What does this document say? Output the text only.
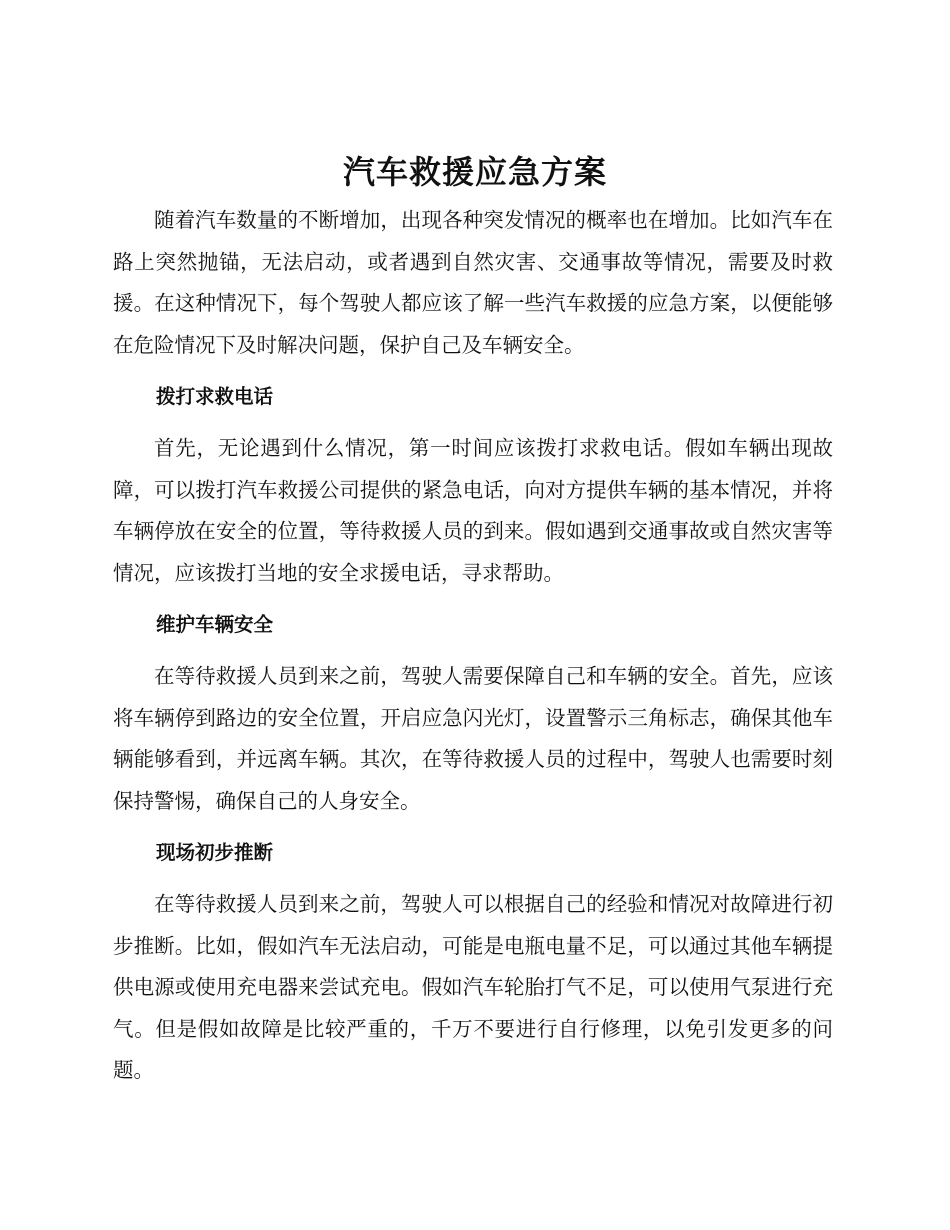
汽车救援应急方案

随着汽车数量的不断增加，出现各种突发情况的概率也在增加。比如汽车在路上突然抛锚，无法启动，或者遇到自然灾害、交通事故等情况，需要及时救援。在这种情况下，每个驾驶人都应该了解一些汽车救援的应急方案，以便能够在危险情况下及时解决问题，保护自己及车辆安全。

拨打求救电话

首先，无论遇到什么情况，第一时间应该拨打求救电话。假如车辆出现故障，可以拨打汽车救援公司提供的紧急电话，向对方提供车辆的基本情况，并将车辆停放在安全的位置，等待救援人员的到来。假如遇到交通事故或自然灾害等情况，应该拨打当地的安全求援电话，寻求帮助。

维护车辆安全

在等待救援人员到来之前，驾驶人需要保障自己和车辆的安全。首先，应该将车辆停到路边的安全位置，开启应急闪光灯，设置警示三角标志，确保其他车辆能够看到，并远离车辆。其次，在等待救援人员的过程中，驾驶人也需要时刻保持警惕，确保自己的人身安全。

现场初步推断

在等待救援人员到来之前，驾驶人可以根据自己的经验和情况对故障进行初步推断。比如，假如汽车无法启动，可能是电瓶电量不足，可以通过其他车辆提供电源或使用充电器来尝试充电。假如汽车轮胎打气不足，可以使用气泵进行充气。但是假如故障是比较严重的，千万不要进行自行修理，以免引发更多的问题。
